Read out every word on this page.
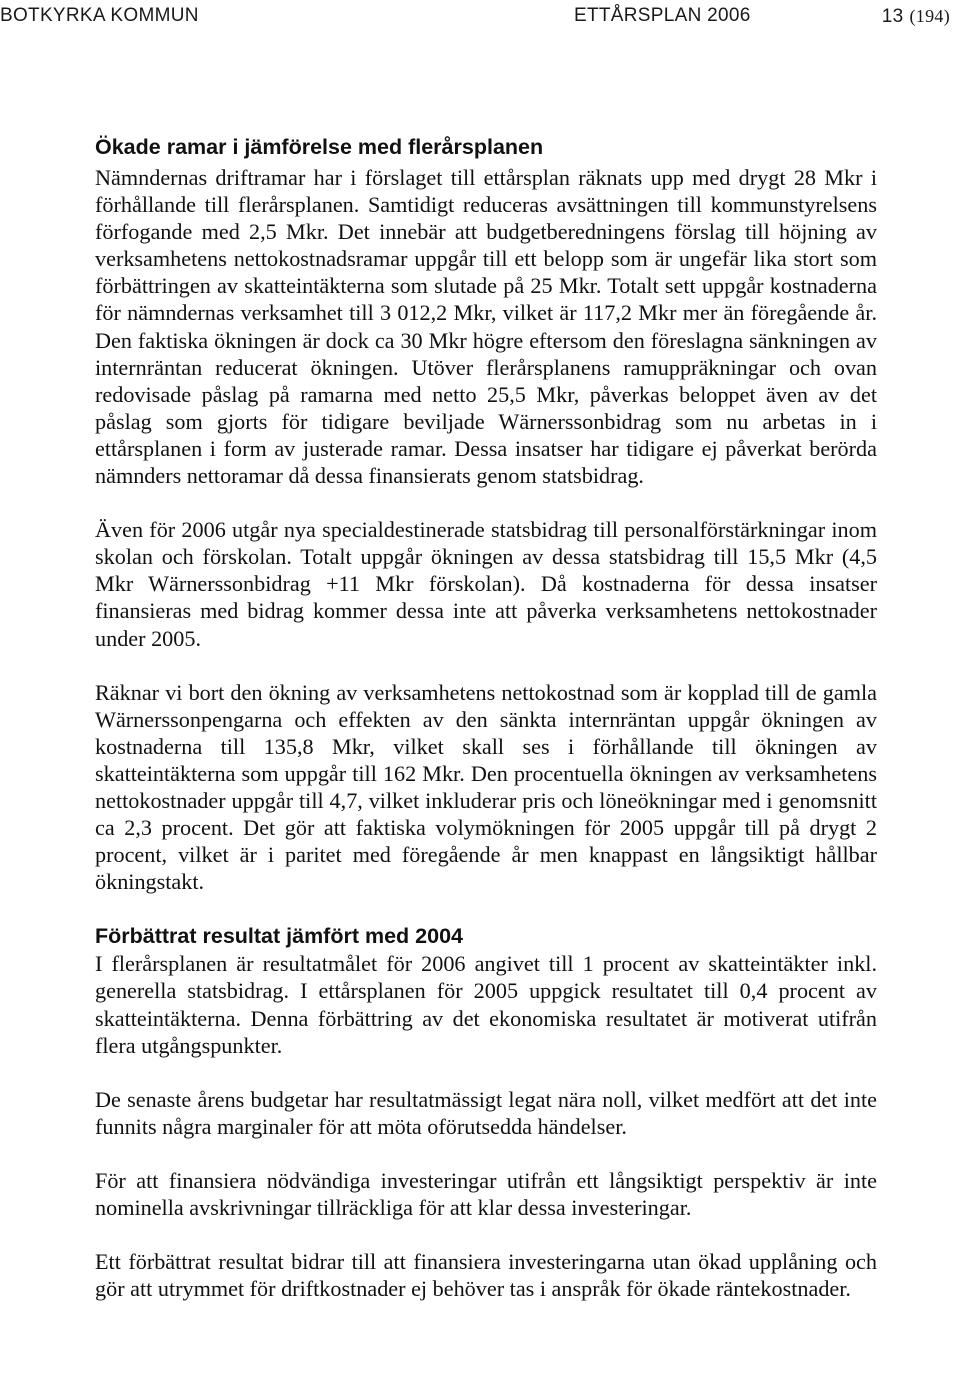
BOTKYRKA KOMMUN	ETTÅRSPLAN 2006	13 (194)
Ökade ramar i jämförelse med flerårsplanen

Nämndernas driftramar har i förslaget till ettårsplan räknats upp med drygt 28 Mkr i förhållande till flerårsplanen. Samtidigt reduceras avsättningen till kommunstyrelsens förfogande med 2,5 Mkr. Det innebär att budgetberedningens förslag till höjning av verksamhetens nettokostnadsramar uppgår till ett belopp som är ungefär lika stort som förbättringen av skatteintäkterna som slutade på 25 Mkr. Totalt sett uppgår kostnaderna för nämndernas verksamhet till 3 012,2 Mkr, vilket är 117,2 Mkr mer än föregående år. Den faktiska ökningen är dock ca 30 Mkr högre eftersom den föreslagna sänkningen av internräntan reducerat ökningen. Utöver flerårsplanens ramuppräkningar och ovan redovisade påslag på ramarna med netto 25,5 Mkr, påverkas beloppet även av det påslag som gjorts för tidigare beviljade Wärnerssonbidrag som nu arbetas in i ettårsplanen i form av justerade ramar. Dessa insatser har tidigare ej påverkat berörda nämnders nettoramar då dessa finansierats genom statsbidrag.

Även för 2006 utgår nya specialdestinerade statsbidrag till personalförstärkningar inom skolan och förskolan. Totalt uppgår ökningen av dessa statsbidrag till 15,5 Mkr (4,5 Mkr Wärnerssonbidrag +11 Mkr förskolan). Då kostnaderna för dessa insatser finansieras med bidrag kommer dessa inte att påverka verksamhetens nettokostnader under 2005.

Räknar vi bort den ökning av verksamhetens nettokostnad som är kopplad till de gamla Wärnerssonpengarna och effekten av den sänkta internräntan uppgår ökningen av kostnaderna till 135,8 Mkr, vilket skall ses i förhållande till ökningen av skatteintäkterna som uppgår till 162 Mkr. Den procentuella ökningen av verksamhetens nettokostnader uppgår till 4,7, vilket inkluderar pris och löneökningar med i genomsnitt ca 2,3 procent. Det gör att faktiska volymökningen för 2005 uppgår till på drygt 2 procent, vilket är i paritet med föregående år men knappast en långsiktigt hållbar ökningstakt.

Förbättrat resultat jämfört med 2004

I flerårsplanen är resultatmålet för 2006 angivet till 1 procent av skatteintäkter inkl. generella statsbidrag. I ettårsplanen för 2005 uppgick resultatet till 0,4 procent av skatteintäkterna. Denna förbättring av det ekonomiska resultatet är motiverat utifrån flera utgångspunkter.

De senaste årens budgetar har resultatmässigt legat nära noll, vilket medfört att det inte funnits några marginaler för att möta oförutsedda händelser.

För att finansiera nödvändiga investeringar utifrån ett långsiktigt perspektiv är inte nominella avskrivningar tillräckliga för att klar dessa investeringar.

Ett förbättrat resultat bidrar till att finansiera investeringarna utan ökad upplåning och gör att utrymmet för driftkostnader ej behöver tas i anspråk för ökade räntekostnader.
